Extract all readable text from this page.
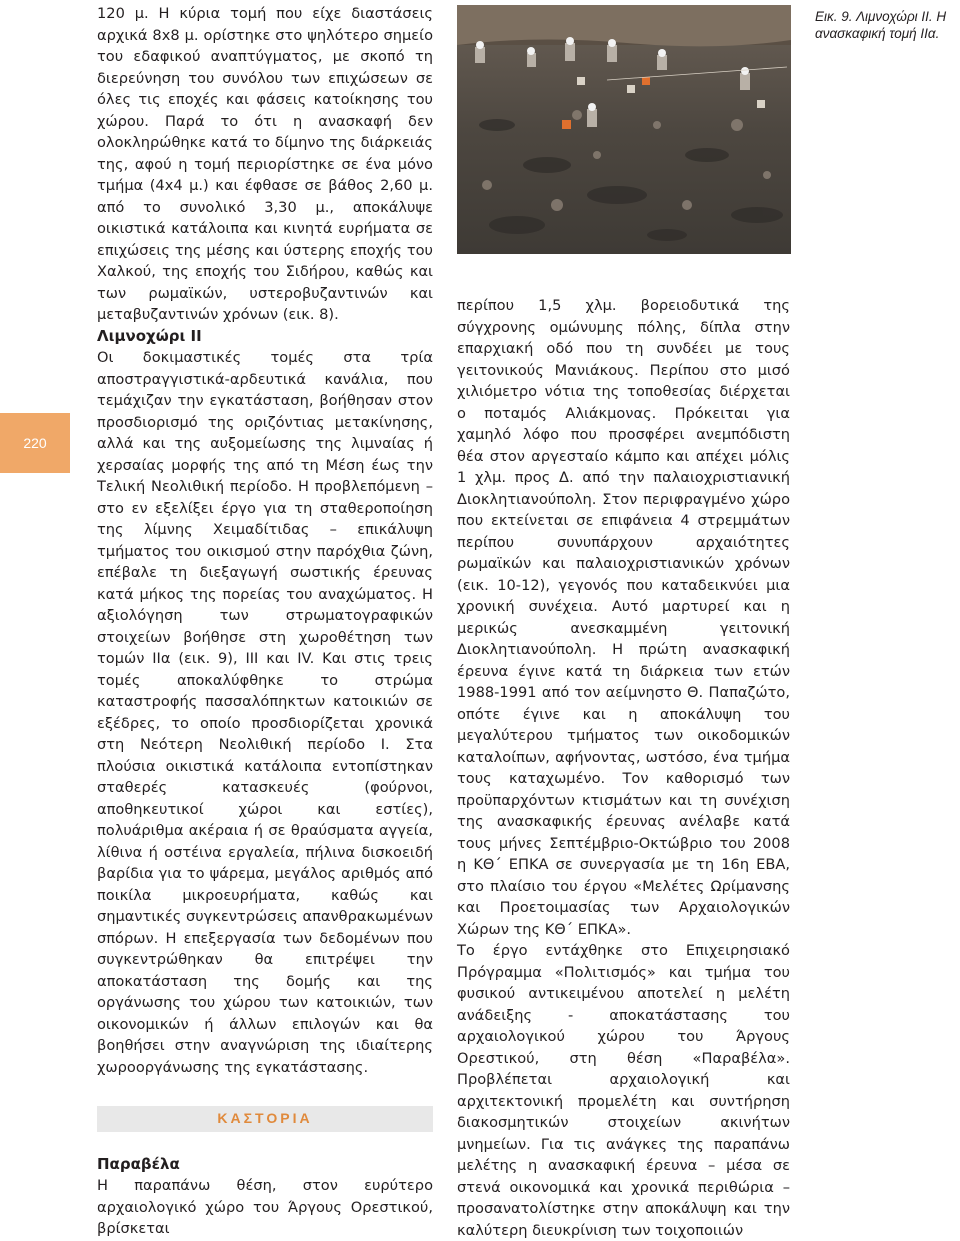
220

120 μ. Η κύρια τομή που είχε διαστάσεις αρχικά 8x8 μ. ορίστηκε στο ψηλότερο σημείο του εδαφικού αναπτύγματος, με σκοπό τη διερεύνηση του συνόλου των επιχώσεων σε όλες τις εποχές και φάσεις κατοίκησης του χώρου. Παρά το ότι η ανασκαφή δεν ολοκληρώθηκε κατά το δίμηνο της διάρκειάς της, αφού η τομή περιορίστηκε σε ένα μόνο τμήμα (4x4 μ.) και έφθασε σε βάθος 2,60 μ. από το συνολικό 3,30 μ., αποκάλυψε οικιστικά κατάλοιπα και κινητά ευρήματα σε επιχώσεις της μέσης και ύστερης εποχής του Χαλκού, της εποχής του Σιδήρου, καθώς και των ρωμαϊκών, υστεροβυζαντινών και μεταβυζαντινών χρόνων (εικ. 8).

Λιμνοχώρι ΙΙ

Οι δοκιμαστικές τομές στα τρία αποστραγγιστικά-αρδευτικά κανάλια, που τεμάχιζαν την εγκατάσταση, βοήθησαν στον προσδιορισμό της οριζόντιας μετακίνησης, αλλά και της αυξομείωσης της λιμναίας ή χερσαίας μορφής της από τη Μέση έως την Τελική Νεολιθική περίοδο. Η προβλεπόμενη – στο εν εξελίξει έργο για τη σταθεροποίηση της λίμνης Χειμαδίτιδας – επικάλυψη τμήματος του οικισμού στην παρόχθια ζώνη, επέβαλε τη διεξαγωγή σωστικής έρευνας κατά μήκος της πορείας του αναχώματος. Η αξιολόγηση των στρωματογραφικών στοιχείων βοήθησε στη χωροθέτηση των τομών ΙΙα (εικ. 9), ΙΙΙ και IV. Και στις τρεις τομές αποκαλύφθηκε το στρώμα καταστροφής πασσαλόπηκτων κατοικιών σε εξέδρες, το οποίο προσδιορίζεται χρονικά στη Νεότερη Νεολιθική περίοδο Ι. Στα πλούσια οικιστικά κατάλοιπα εντοπίστηκαν σταθερές κατασκευές (φούρνοι, αποθηκευτικοί χώροι και εστίες), πολυάριθμα ακέραια ή σε θραύσματα αγγεία, λίθινα ή οστέινα εργαλεία, πήλινα δισκοειδή βαρίδια για το ψάρεμα, μεγάλος αριθμός από ποικίλα μικροευρήματα, καθώς και σημαντικές συγκεντρώσεις απανθρακωμένων σπόρων. Η επεξεργασία των δεδομένων που συγκεντρώθηκαν θα επιτρέψει την αποκατάσταση της δομής και της οργάνωσης του χώρου των κατοικιών, των οικονομικών ή άλλων επιλογών και θα βοηθήσει στην αναγνώριση της ιδιαίτερης χωροοργάνωσης της εγκατάστασης.

ΚΑΣΤΟΡΙΑ

Παραβέλα

Η παραπάνω θέση, στον ευρύτερο αρχαιολογικό χώρο του Άργους Ορεστικού, βρίσκεται

Εικ. 9. Λιμνοχώρι ΙΙ. Η ανασκαφική τομή ΙΙα.

περίπου 1,5 χλμ. βορειοδυτικά της σύγχρονης ομώνυμης πόλης, δίπλα στην επαρχιακή οδό που τη συνδέει με τους γειτονικούς Μανιάκους. Περίπου στο μισό χιλιόμετρο νότια της τοποθεσίας διέρχεται ο ποταμός Αλιάκμονας. Πρόκειται για χαμηλό λόφο που προσφέρει ανεμπόδιστη θέα στον αργεσταίο κάμπο και απέχει μόλις 1 χλμ. προς Δ. από την παλαιοχριστιανική Διοκλητιανούπολη. Στον περιφραγμένο χώρο που εκτείνεται σε επιφάνεια 4 στρεμμάτων περίπου συνυπάρχουν αρχαιότητες ρωμαϊκών και παλαιοχριστιανικών χρόνων (εικ. 10-12), γεγονός που καταδεικνύει μια χρονική συνέχεια. Αυτό μαρτυρεί και η μερικώς ανεσκαμμένη γειτονική Διοκλητιανούπολη. Η πρώτη ανασκαφική έρευνα έγινε κατά τη διάρκεια των ετών 1988-1991 από τον αείμνηστο Θ. Παπαζώτο, οπότε έγινε και η αποκάλυψη του μεγαλύτερου τμήματος των οικοδομικών καταλοίπων, αφήνοντας, ωστόσο, ένα τμήμα τους καταχωμένο. Τον καθορισμό των προϋπαρχόντων κτισμάτων και τη συνέχιση της ανασκαφικής έρευνας ανέλαβε κατά τους μήνες Σεπτέμβριο-Οκτώβριο του 2008 η ΚΘ΄ ΕΠΚΑ σε συνεργασία με τη 16η ΕΒΑ, στο πλαίσιο του έργου «Μελέτες Ωρίμανσης και Προετοιμασίας των Αρχαιολογικών Χώρων της ΚΘ΄ ΕΠΚΑ».

Το έργο εντάχθηκε στο Επιχειρησιακό Πρόγραμμα «Πολιτισμός» και τμήμα του φυσικού αντικειμένου αποτελεί η μελέτη ανάδειξης - αποκατάστασης του αρχαιολογικού χώρου του Άργους Ορεστικού, στη θέση «Παραβέλα». Προβλέπεται αρχαιολογική και αρχιτεκτονική προμελέτη και συντήρηση διακοσμητικών στοιχείων ακινήτων μνημείων. Για τις ανάγκες της παραπάνω μελέτης η ανασκαφική έρευνα – μέσα σε στενά οικονομικά και χρονικά περιθώρια – προσανατολίστηκε στην αποκάλυψη και την καλύτερη διευκρίνιση των τοιχοποιιών
